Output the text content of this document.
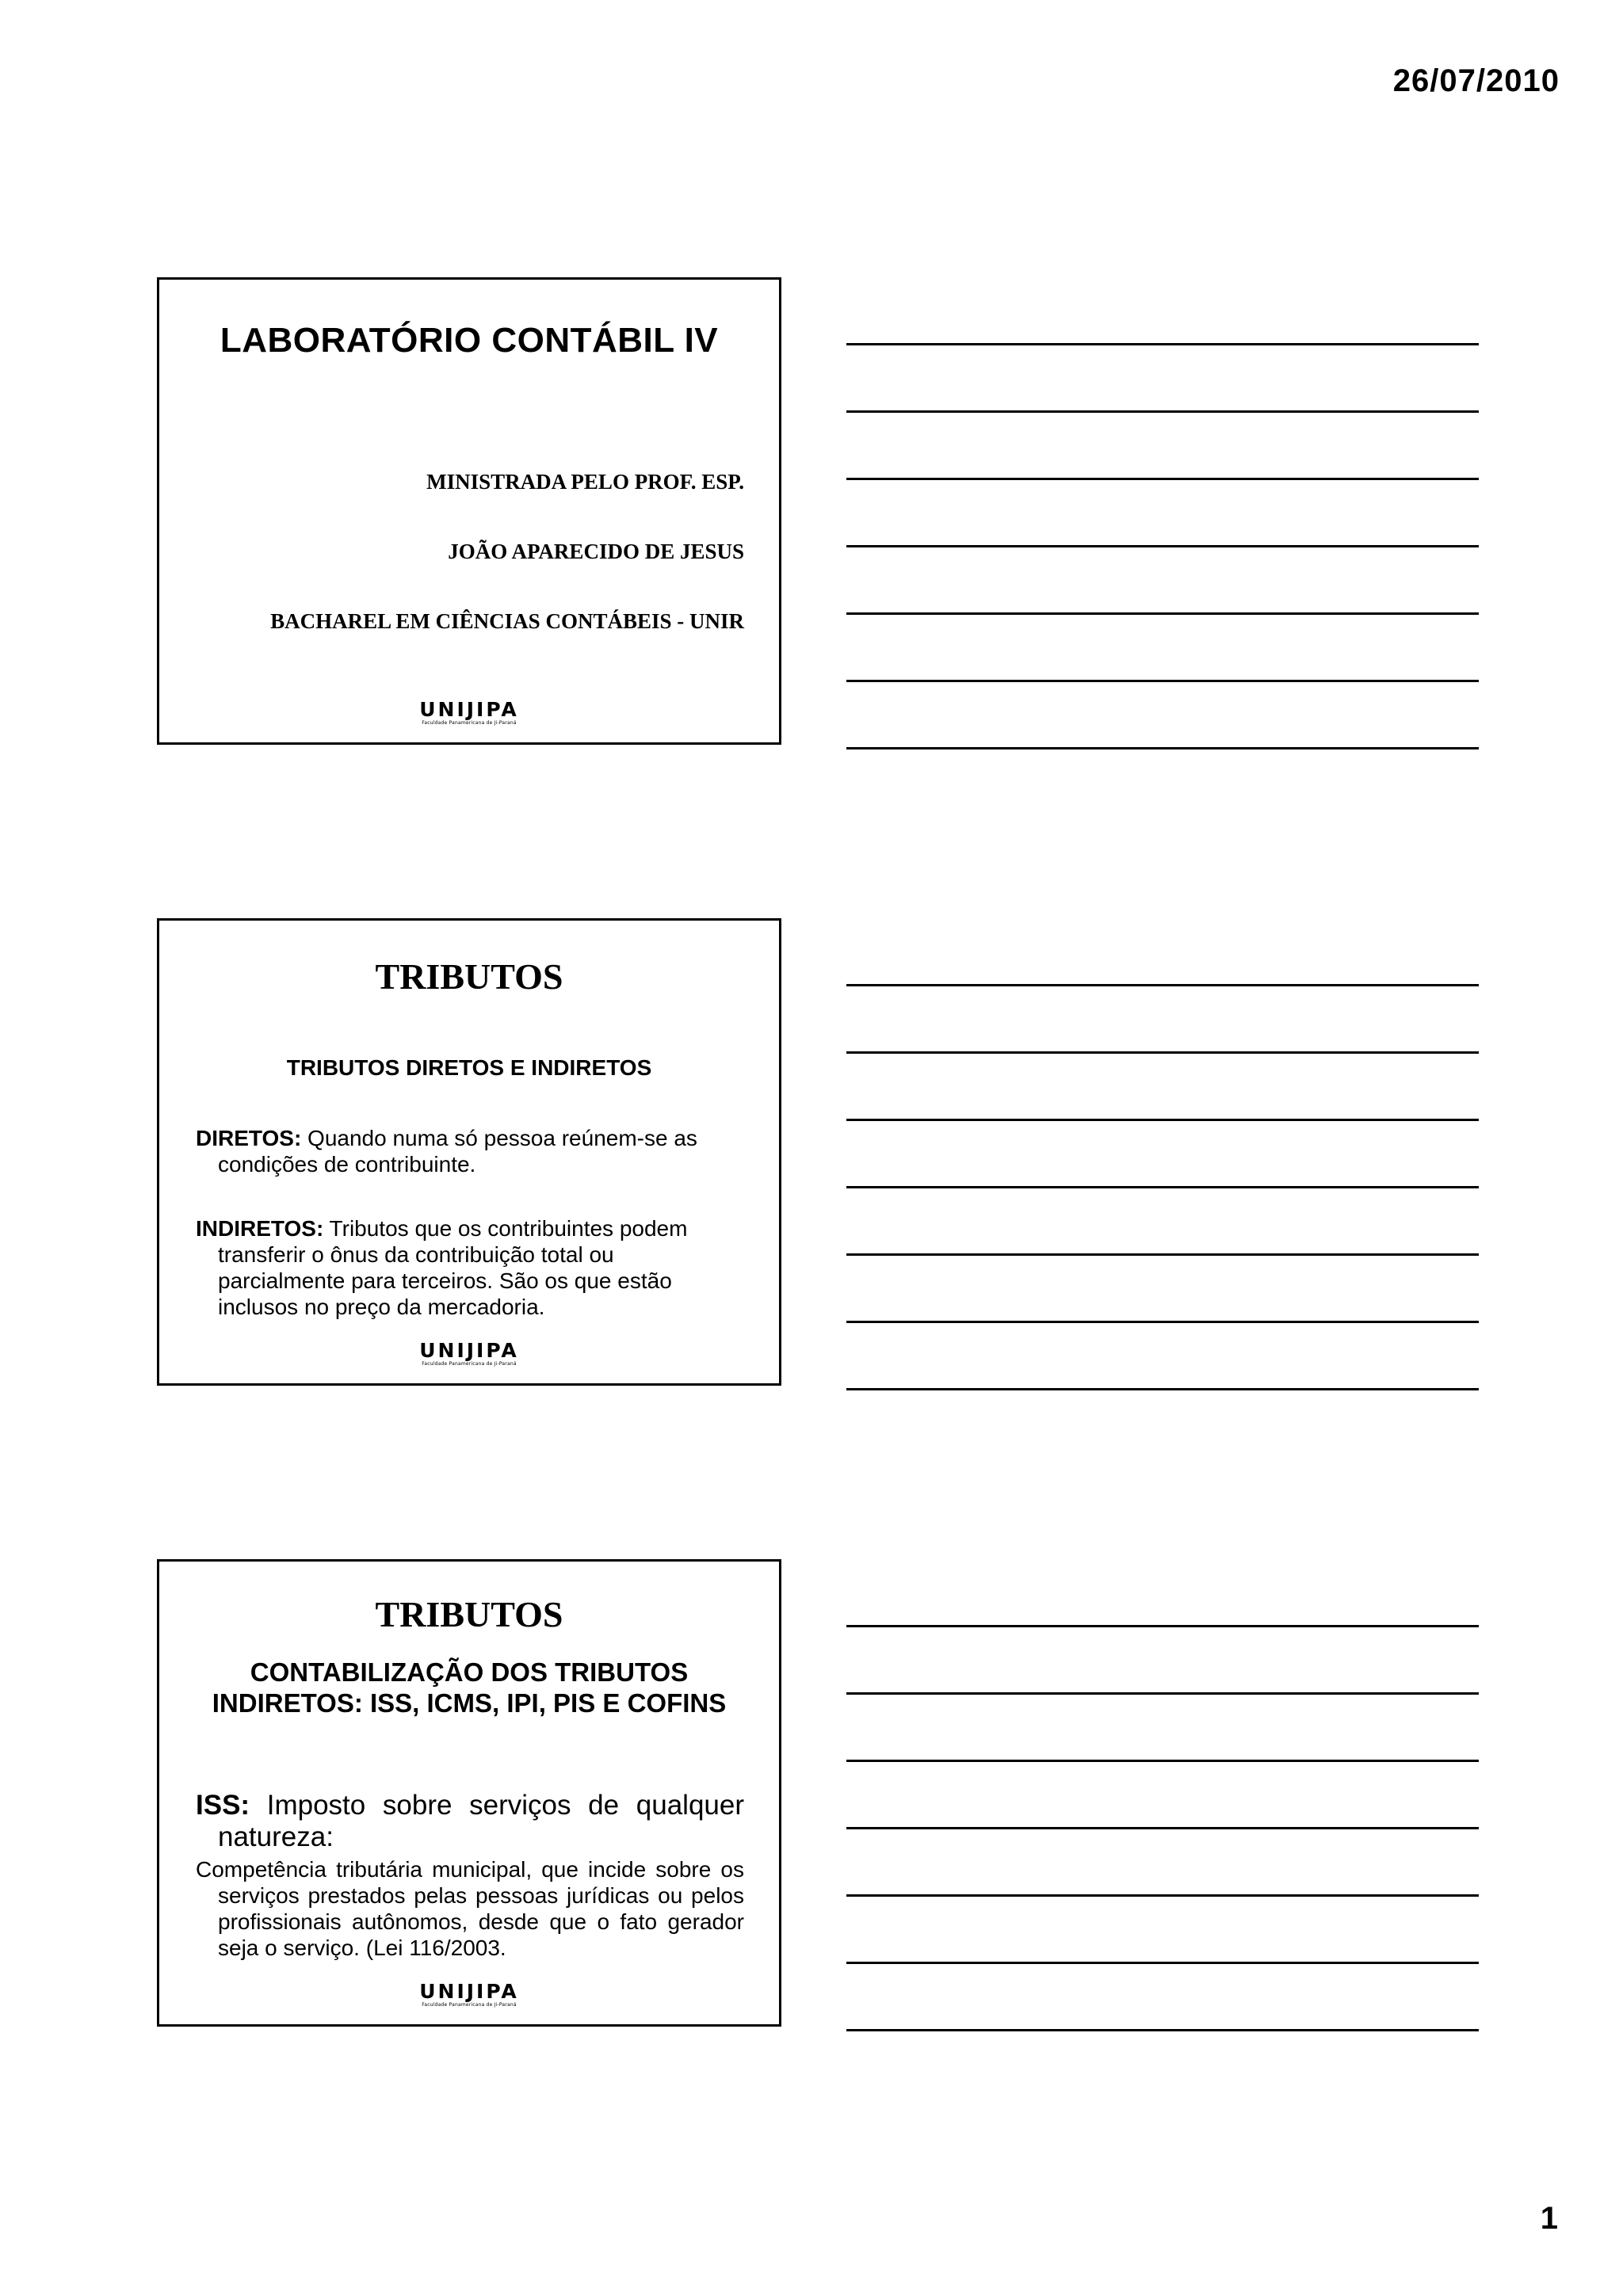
26/07/2010
LABORATÓRIO CONTÁBIL IV
MINISTRADA PELO PROF. ESP.
JOÃO APARECIDO DE JESUS
BACHAREL EM CIÊNCIAS CONTÁBEIS - UNIR
UNIJIPA
Faculdade Panamericana de Ji-Paraná
TRIBUTOS
TRIBUTOS DIRETOS E INDIRETOS
DIRETOS: Quando numa só pessoa reúnem-se as condições de contribuinte.
INDIRETOS: Tributos que os contribuintes podem transferir o ônus da contribuição total ou parcialmente para terceiros. São os que estão inclusos no preço da mercadoria.
UNIJIPA
Faculdade Panamericana de Ji-Paraná
TRIBUTOS
CONTABILIZAÇÃO DOS TRIBUTOS INDIRETOS: ISS, ICMS, IPI, PIS E COFINS
ISS: Imposto sobre serviços de qualquer natureza:
Competência tributária municipal, que incide sobre os serviços prestados pelas pessoas jurídicas ou pelos profissionais autônomos, desde que o fato gerador seja o serviço. (Lei 116/2003.
UNIJIPA
Faculdade Panamericana de Ji-Paraná
1
